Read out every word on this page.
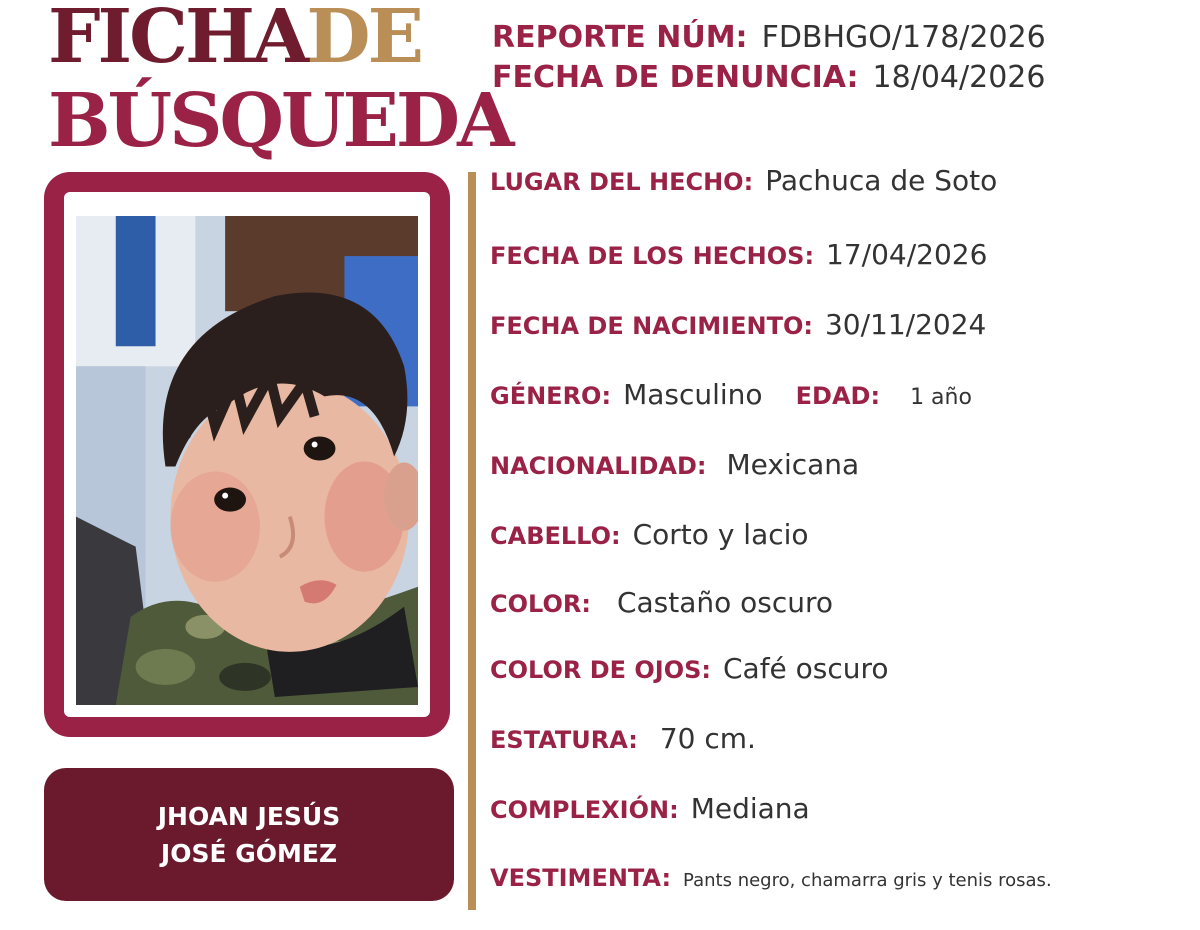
FICHADE
BÚSQUEDA
JHOAN JESÚS
JOSÉ GÓMEZ
REPORTE NÚM: FDBHGO/178/2026
FECHA DE DENUNCIA: 18/04/2026
LUGAR DEL HECHO: Pachuca de Soto
FECHA DE LOS HECHOS: 17/04/2026
FECHA DE NACIMIENTO: 30/11/2024
GÉNERO: Masculino EDAD: 1 año
NACIONALIDAD: Mexicana
CABELLO: Corto y lacio
COLOR: Castaño oscuro
COLOR DE OJOS: Café oscuro
ESTATURA: 70 cm.
COMPLEXIÓN: Mediana
VESTIMENTA: Pants negro, chamarra gris y tenis rosas.
